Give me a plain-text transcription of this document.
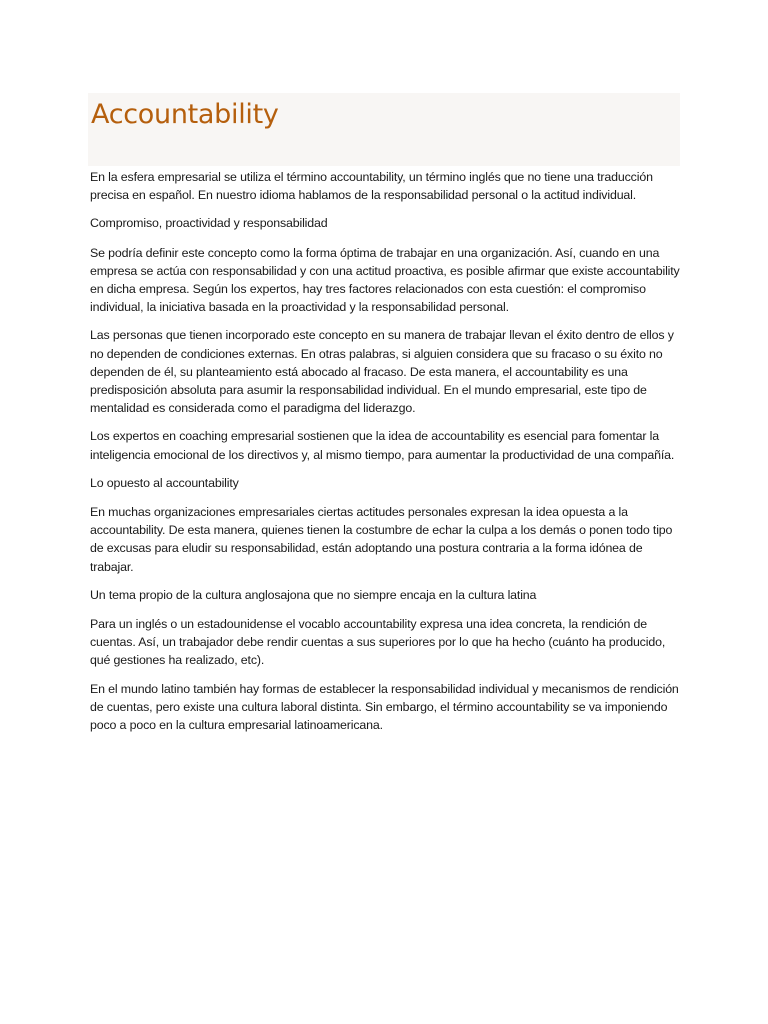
Accountability

En la esfera empresarial se utiliza el término accountability, un término inglés que no tiene una traducción precisa en español. En nuestro idioma hablamos de la responsabilidad personal o la actitud individual.

Compromiso, proactividad y responsabilidad

Se podría definir este concepto como la forma óptima de trabajar en una organización. Así, cuando en una empresa se actúa con responsabilidad y con una actitud proactiva, es posible afirmar que existe accountability en dicha empresa. Según los expertos, hay tres factores relacionados con esta cuestión: el compromiso individual, la iniciativa basada en la proactividad y la responsabilidad personal.

Las personas que tienen incorporado este concepto en su manera de trabajar llevan el éxito dentro de ellos y no dependen de condiciones externas. En otras palabras, si alguien considera que su fracaso o su éxito no dependen de él, su planteamiento está abocado al fracaso. De esta manera, el accountability es una predisposición absoluta para asumir la responsabilidad individual. En el mundo empresarial, este tipo de mentalidad es considerada como el paradigma del liderazgo.

Los expertos en coaching empresarial sostienen que la idea de accountability es esencial para fomentar la inteligencia emocional de los directivos y, al mismo tiempo, para aumentar la productividad de una compañía.

Lo opuesto al accountability

En muchas organizaciones empresariales ciertas actitudes personales expresan la idea opuesta a la accountability. De esta manera, quienes tienen la costumbre de echar la culpa a los demás o ponen todo tipo de excusas para eludir su responsabilidad, están adoptando una postura contraria a la forma idónea de trabajar.

Un tema propio de la cultura anglosajona que no siempre encaja en la cultura latina

Para un inglés o un estadounidense el vocablo accountability expresa una idea concreta, la rendición de cuentas. Así, un trabajador debe rendir cuentas a sus superiores por lo que ha hecho (cuánto ha producido, qué gestiones ha realizado, etc).

En el mundo latino también hay formas de establecer la responsabilidad individual y mecanismos de rendición de cuentas, pero existe una cultura laboral distinta. Sin embargo, el término accountability se va imponiendo poco a poco en la cultura empresarial latinoamericana.
